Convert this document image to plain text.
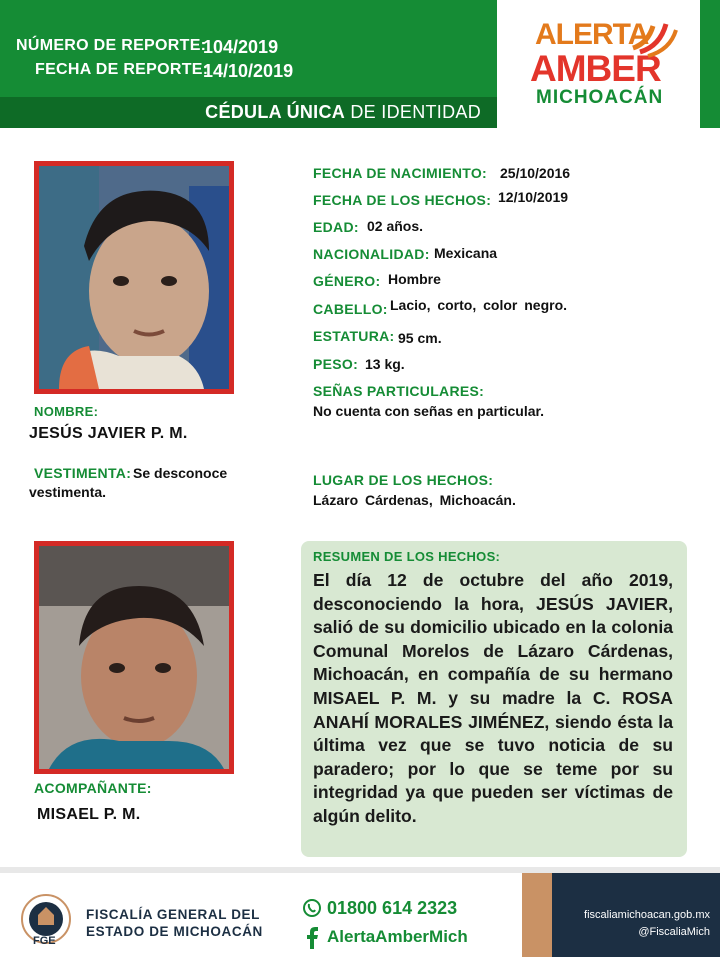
NÚMERO DE REPORTE:
104/2019
FECHA DE REPORTE:
14/10/2019
CÉDULA ÚNICA DE IDENTIDAD
ALERTA
AMBER
MICHOACÁN
NOMBRE:
JESÚS JAVIER P. M.
VESTIMENTA: Se desconoce
vestimenta.
FECHA DE NACIMIENTO: 25/10/2016
FECHA DE LOS HECHOS: 12/10/2019
EDAD: 02 años.
NACIONALIDAD: Mexicana
GÉNERO: Hombre
CABELLO: Lacio, corto, color negro.
ESTATURA: 95 cm.
PESO: 13 kg.
SEÑAS PARTICULARES:
No cuenta con señas en particular.
LUGAR DE LOS HECHOS:
Lázaro Cárdenas, Michoacán.
ACOMPAÑANTE:
MISAEL P. M.
RESUMEN DE LOS HECHOS:
El día 12 de octubre del año 2019, desconociendo la hora, JESÚS JAVIER, salió de su domicilio ubicado en la colonia Comunal Morelos de Lázaro Cárdenas, Michoacán, en compañía de su hermano MISAEL P. M. y su madre la C. ROSA ANAHÍ MORALES JIMÉNEZ, siendo ésta la última vez que se tuvo noticia de su paradero; por lo que se teme por su integridad ya que pueden ser víctimas de algún delito.
FGE
FISCALÍA GENERAL DEL
ESTADO DE MICHOACÁN
01800 614 2323
AlertaAmberMich
fiscaliamichoacan.gob.mx
@FiscaliaMich
